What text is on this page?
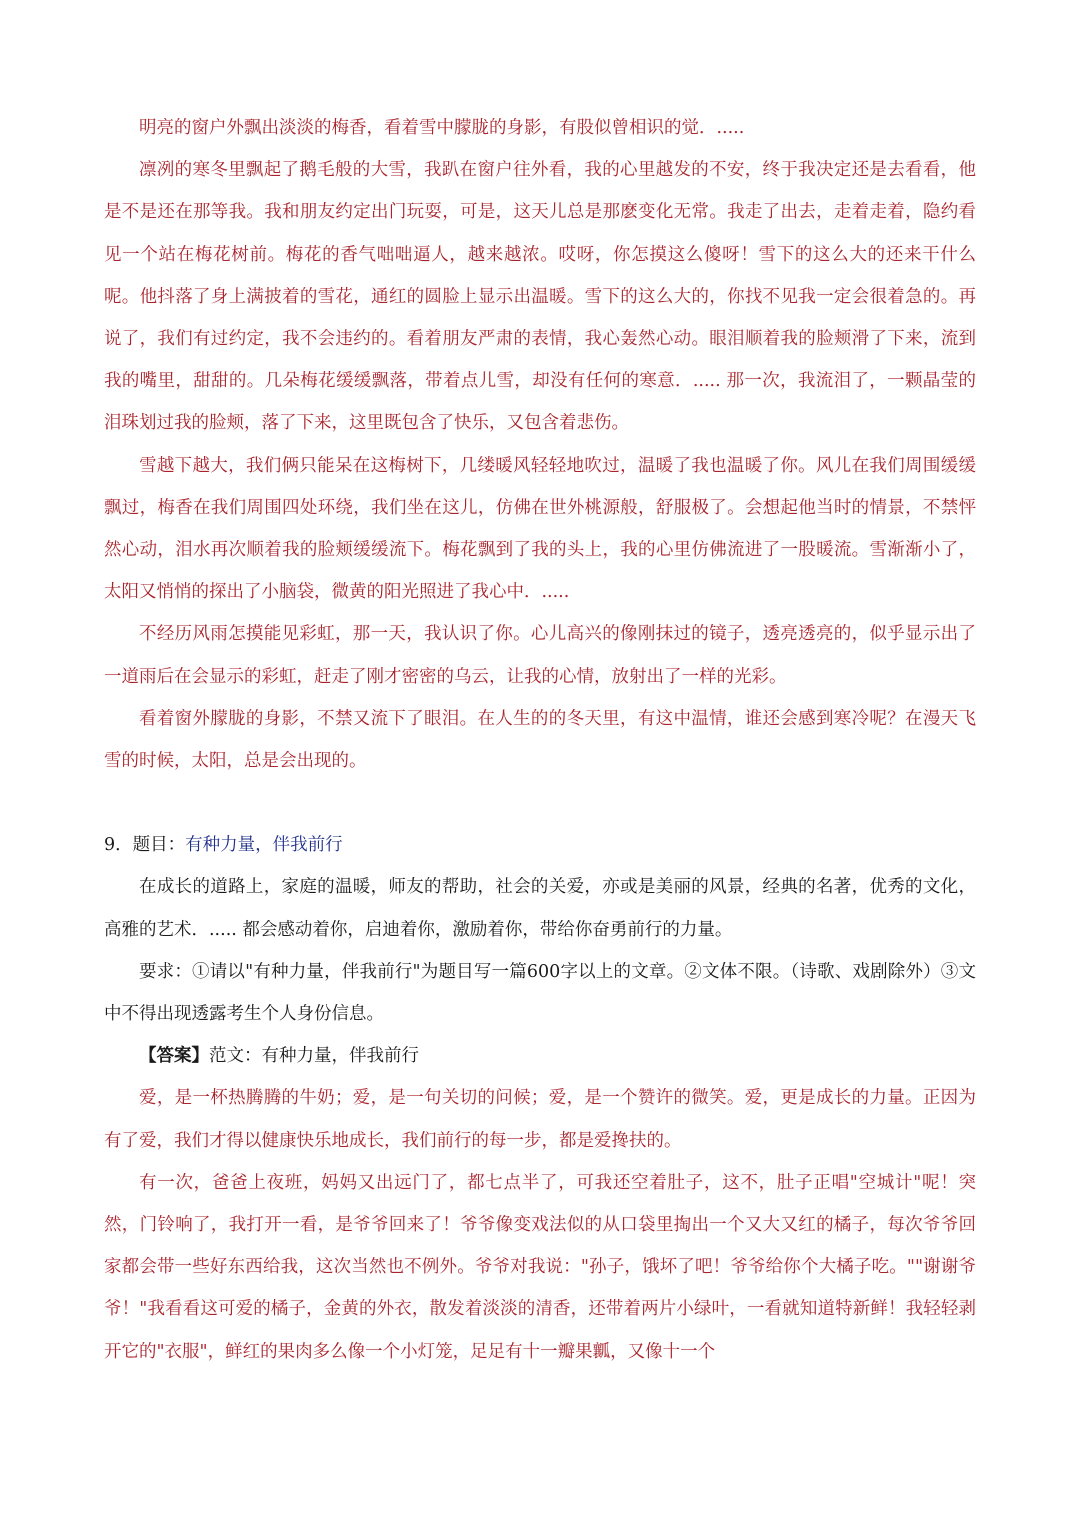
明亮的窗户外飘出淡淡的梅香，看着雪中朦胧的身影，有股似曾相识的觉．.....

凛冽的寒冬里飘起了鹅毛般的大雪，我趴在窗户往外看，我的心里越发的不安，终于我决定还是去看看，他是不是还在那等我。我和朋友约定出门玩耍，可是，这天儿总是那麽变化无常。我走了出去，走着走着，隐约看见一个站在梅花树前。梅花的香气咄咄逼人，越来越浓。哎呀，你怎摸这么傻呀！雪下的这么大的还来干什么呢。他抖落了身上满披着的雪花，通红的圆脸上显示出温暖。雪下的这么大的，你找不见我一定会很着急的。再说了，我们有过约定，我不会违约的。看着朋友严肃的表情，我心轰然心动。眼泪顺着我的脸颊滑了下来，流到我的嘴里，甜甜的。几朵梅花缓缓飘落，带着点儿雪，却没有任何的寒意．..... 那一次，我流泪了，一颗晶莹的泪珠划过我的脸颊，落了下来，这里既包含了快乐，又包含着悲伤。

雪越下越大，我们俩只能呆在这梅树下，几缕暖风轻轻地吹过，温暖了我也温暖了你。风儿在我们周围缓缓飘过，梅香在我们周围四处环绕，我们坐在这儿，仿佛在世外桃源般，舒服极了。会想起他当时的情景，不禁怦然心动，泪水再次顺着我的脸颊缓缓流下。梅花飘到了我的头上，我的心里仿佛流进了一股暖流。雪渐渐小了，太阳又悄悄的探出了小脑袋，微黄的阳光照进了我心中．.....

不经历风雨怎摸能见彩虹，那一天，我认识了你。心儿高兴的像刚抹过的镜子，透亮透亮的，似乎显示出了一道雨后在会显示的彩虹，赶走了刚才密密的乌云，让我的心情，放射出了一样的光彩。

看着窗外朦胧的身影，不禁又流下了眼泪。在人生的的冬天里，有这中温情，谁还会感到寒冷呢？在漫天飞雪的时候，太阳，总是会出现的。

9．题目：有种力量，伴我前行

在成长的道路上，家庭的温暖，师友的帮助，社会的关爱，亦或是美丽的风景，经典的名著，优秀的文化，高雅的艺术．..... 都会感动着你，启迪着你，激励着你，带给你奋勇前行的力量。

要求：①请以"有种力量，伴我前行"为题目写一篇600字以上的文章。②文体不限。（诗歌、戏剧除外）③文中不得出现透露考生个人身份信息。

【答案】范文：有种力量，伴我前行

爱，是一杯热腾腾的牛奶；爱，是一句关切的问候；爱，是一个赞许的微笑。爱，更是成长的力量。正因为有了爱，我们才得以健康快乐地成长，我们前行的每一步，都是爱搀扶的。

有一次，爸爸上夜班，妈妈又出远门了，都七点半了，可我还空着肚子，这不，肚子正唱"空城计"呢！突然，门铃响了，我打开一看，是爷爷回来了！爷爷像变戏法似的从口袋里掏出一个又大又红的橘子，每次爷爷回家都会带一些好东西给我，这次当然也不例外。爷爷对我说："孙子，饿坏了吧！爷爷给你个大橘子吃。""谢谢爷爷！"我看看这可爱的橘子，金黄的外衣，散发着淡淡的清香，还带着两片小绿叶，一看就知道特新鲜！我轻轻剥开它的"衣服"，鲜红的果肉多么像一个小灯笼，足足有十一瓣果瓤，又像十一个
